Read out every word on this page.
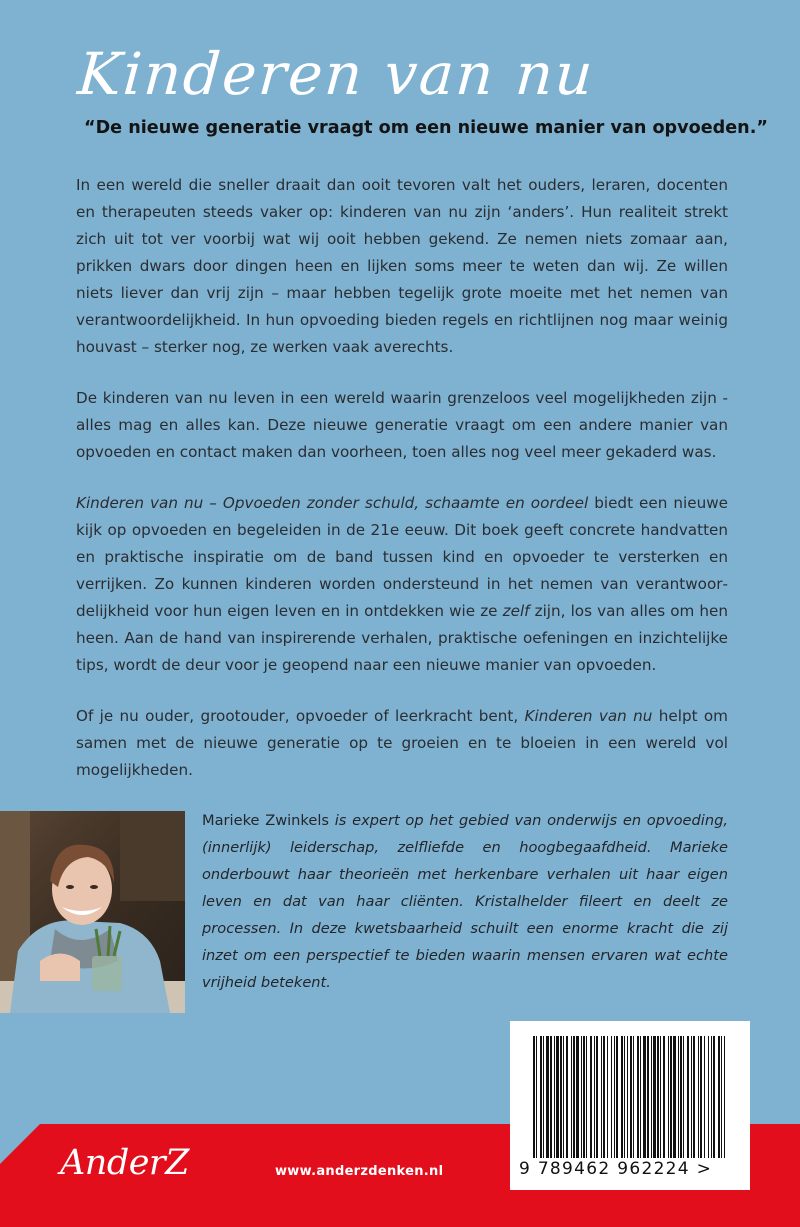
Kinderen van nu

“De nieuwe generatie vraagt om een nieuwe manier van opvoeden.”

In een wereld die sneller draait dan ooit tevoren valt het ouders, leraren, docenten en therapeuten steeds vaker op: kinderen van nu zijn ‘anders’. Hun realiteit strekt zich uit tot ver voorbij wat wij ooit hebben gekend. Ze nemen niets zomaar aan, prikken dwars door dingen heen en lijken soms meer te weten dan wij. Ze willen niets liever dan vrij zijn – maar hebben tegelijk grote moeite met het nemen van verantwoordelijkheid. In hun opvoeding bieden regels en richtlijnen nog maar weinig houvast – sterker nog, ze werken vaak averechts.

De kinderen van nu leven in een wereld waarin grenzeloos veel mogelijkheden zijn - alles mag en alles kan. Deze nieuwe generatie vraagt om een andere manier van opvoeden en contact maken dan voorheen, toen alles nog veel meer gekaderd was.

Kinderen van nu – Opvoeden zonder schuld, schaamte en oordeel biedt een nieuwe kijk op opvoeden en begeleiden in de 21e eeuw. Dit boek geeft concrete handvatten en praktische inspiratie om de band tussen kind en opvoeder te versterken en verrijken. Zo kunnen kinderen worden ondersteund in het nemen van verantwoordelijkheid voor hun eigen leven en in ontdekken wie ze zelf zijn, los van alles om hen heen. Aan de hand van inspirerende verhalen, praktische oefeningen en inzichtelijke tips, wordt de deur voor je geopend naar een nieuwe manier van opvoeden.

Of je nu ouder, grootouder, opvoeder of leerkracht bent, Kinderen van nu helpt om samen met de nieuwe generatie op te groeien en te bloeien in een wereld vol mogelijkheden.

Marieke Zwinkels is expert op het gebied van onderwijs en opvoeding, (innerlijk) leiderschap, zelfliefde en hoogbegaafdheid. Marieke onderbouwt haar theorieën met herkenbare verhalen uit haar eigen leven en dat van haar cliënten. Kristalhelder fileert en deelt ze processen. In deze kwetsbaarheid schuilt een enorme kracht die zij inzet om een perspectief te bieden waarin mensen ervaren wat echte vrijheid betekent.

AnderZ	www.anderzdenken.nl	9 789462 962224 >
